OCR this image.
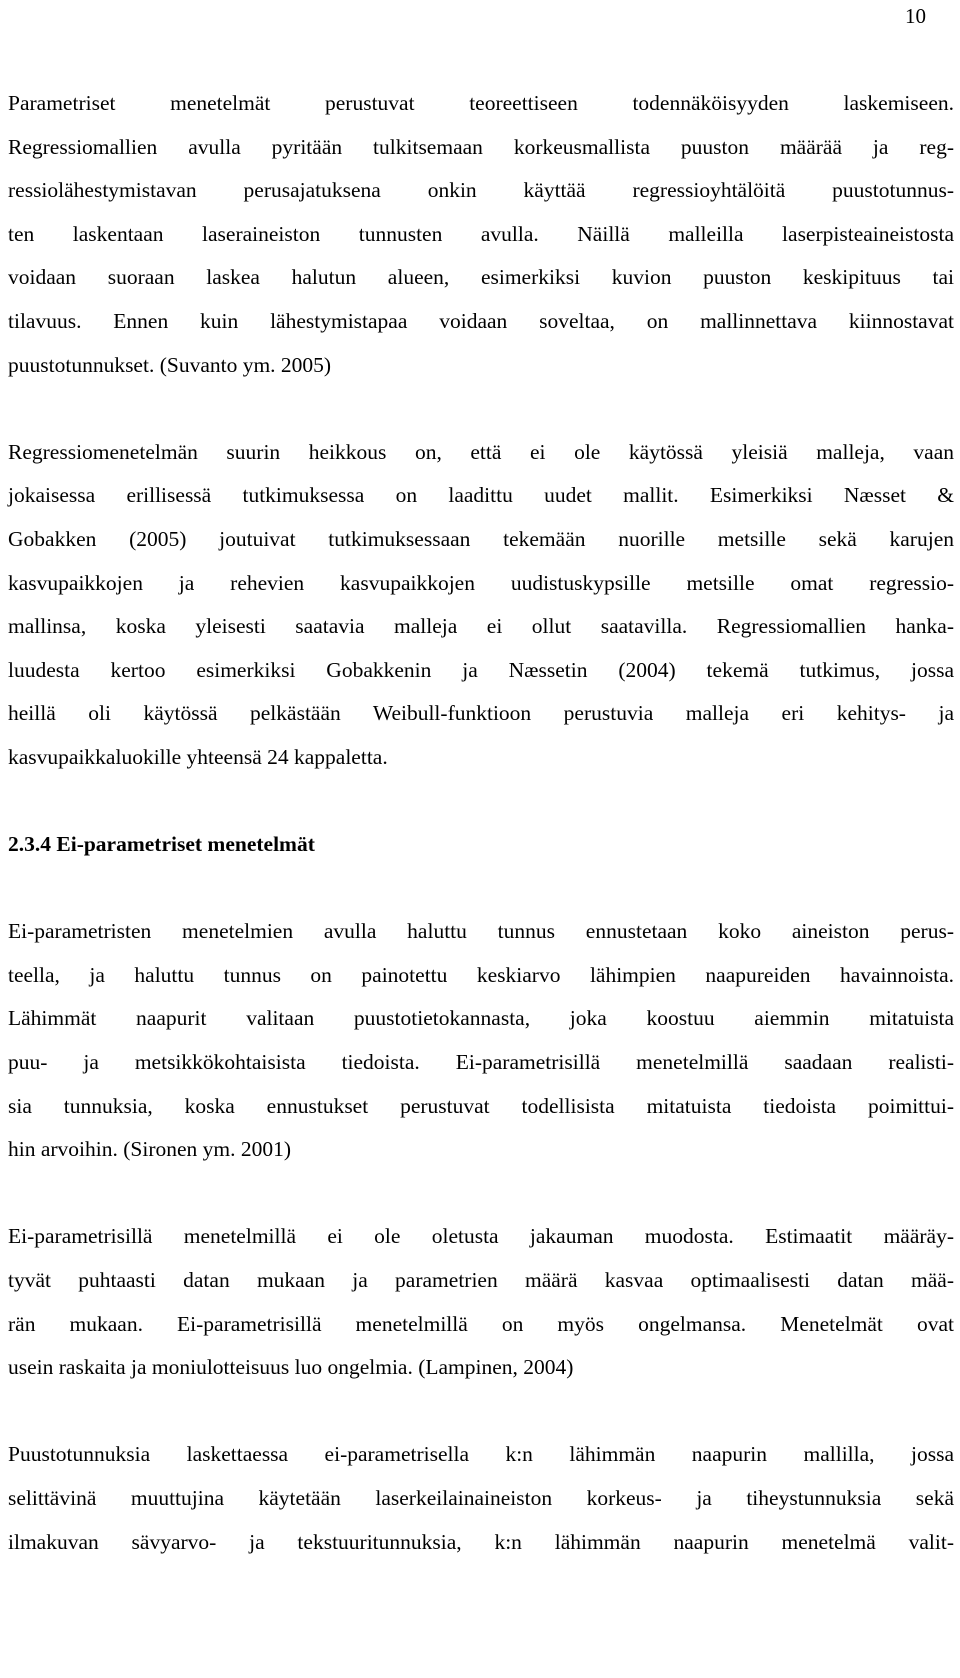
10
Parametriset menetelmät perustuvat teoreettiseen todennäköisyyden laskemiseen.
Regressiomallien avulla pyritään tulkitsemaan korkeusmallista puuston määrää ja reg-
ressiolähestymistavan perusajatuksena onkin käyttää regressioyhtälöitä puustotunnus-
ten laskentaan laseraineiston tunnusten avulla. Näillä malleilla laserpisteaineistosta
voidaan suoraan laskea halutun alueen, esimerkiksi kuvion puuston keskipituus tai
tilavuus. Ennen kuin lähestymistapaa voidaan soveltaa, on mallinnettava kiinnostavat
puustotunnukset. (Suvanto ym. 2005)
Regressiomenetelmän suurin heikkous on, että ei ole käytössä yleisiä malleja, vaan
jokaisessa erillisessä tutkimuksessa on laadittu uudet mallit. Esimerkiksi Næsset &
Gobakken (2005) joutuivat tutkimuksessaan tekemään nuorille metsille sekä karujen
kasvupaikkojen ja rehevien kasvupaikkojen uudistuskypsille metsille omat regressio-
mallinsa, koska yleisesti saatavia malleja ei ollut saatavilla. Regressiomallien hanka-
luudesta kertoo esimerkiksi Gobakkenin ja Næssetin (2004) tekemä tutkimus, jossa
heillä oli käytössä pelkästään Weibull-funktioon perustuvia malleja eri kehitys- ja
kasvupaikkaluokille yhteensä 24 kappaletta.
2.3.4 Ei-parametriset menetelmät
Ei-parametristen menetelmien avulla haluttu tunnus ennustetaan koko aineiston perus-
teella, ja haluttu tunnus on painotettu keskiarvo lähimpien naapureiden havainnoista.
Lähimmät naapurit valitaan puustotietokannasta, joka koostuu aiemmin mitatuista
puu- ja metsikkökohtaisista tiedoista. Ei-parametrisillä menetelmillä saadaan realisti-
sia tunnuksia, koska ennustukset perustuvat todellisista mitatuista tiedoista poimittui-
hin arvoihin. (Sironen ym. 2001)
Ei-parametrisillä menetelmillä ei ole oletusta jakauman muodosta. Estimaatit määräy-
tyvät puhtaasti datan mukaan ja parametrien määrä kasvaa optimaalisesti datan mää-
rän mukaan. Ei-parametrisillä menetelmillä on myös ongelmansa. Menetelmät ovat
usein raskaita ja moniulotteisuus luo ongelmia. (Lampinen, 2004)
Puustotunnuksia laskettaessa ei-parametrisella k:n lähimmän naapurin mallilla, jossa
selittävinä muuttujina käytetään laserkeilainaineiston korkeus- ja tiheystunnuksia sekä
ilmakuvan sävyarvo- ja tekstuuritunnuksia, k:n lähimmän naapurin menetelmä valit-
